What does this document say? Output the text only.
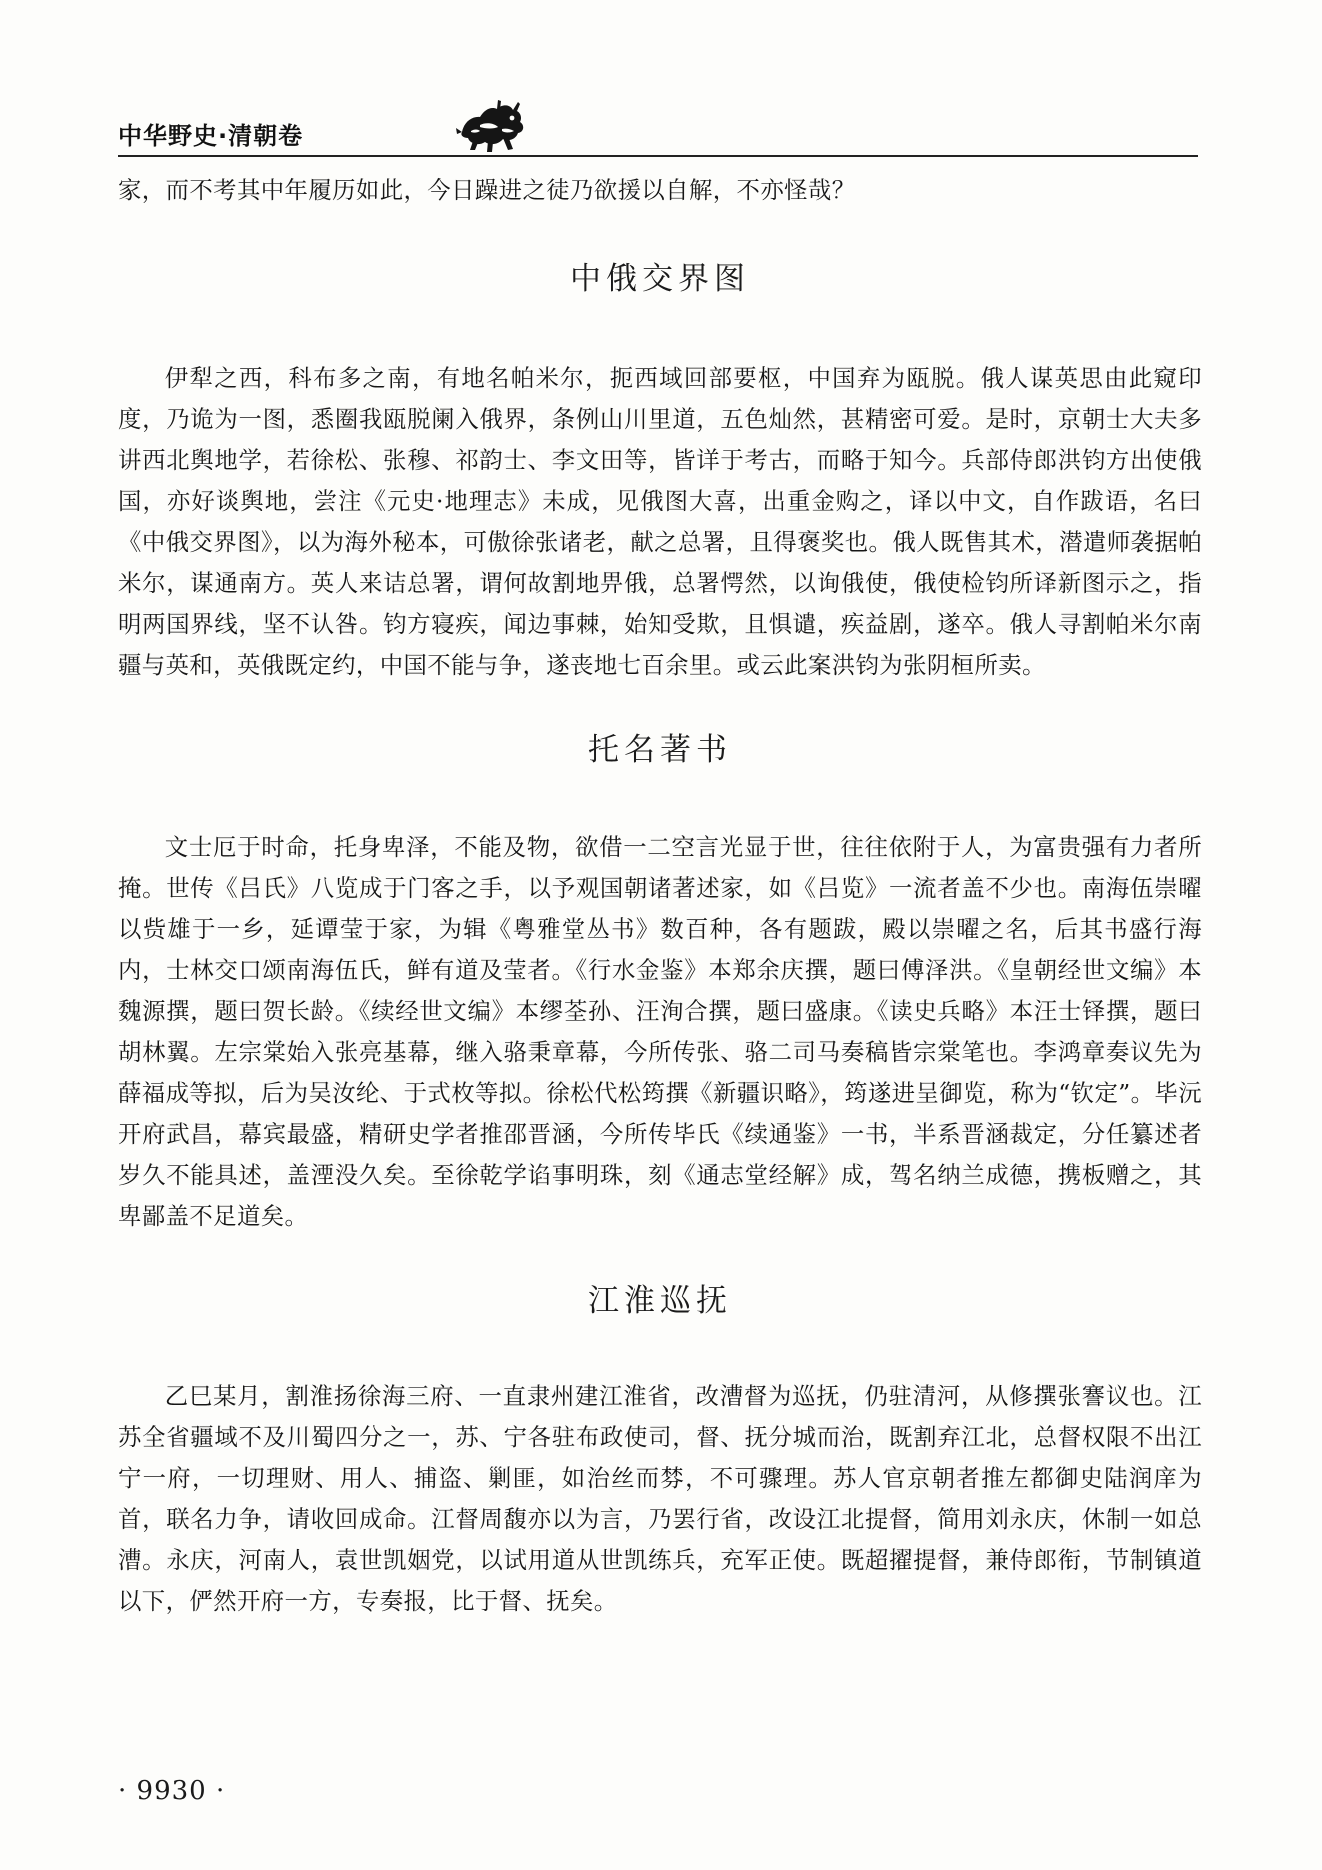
中华野史·清朝卷

家，而不考其中年履历如此，今日躁进之徒乃欲援以自解，不亦怪哉？

中俄交界图

伊犁之西，科布多之南，有地名帕米尔，扼西域回部要枢，中国弃为瓯脱。俄人谋英思由此窥印度，乃诡为一图，悉圈我瓯脱阑入俄界，条例山川里道，五色灿然，甚精密可爱。是时，京朝士大夫多讲西北舆地学，若徐松、张穆、祁韵士、李文田等，皆详于考古，而略于知今。兵部侍郎洪钧方出使俄国，亦好谈舆地，尝注《元史·地理志》未成，见俄图大喜，出重金购之，译以中文，自作跋语，名曰《中俄交界图》，以为海外秘本，可傲徐张诸老，献之总署，且得褒奖也。俄人既售其术，潜遣师袭据帕米尔，谋通南方。英人来诘总署，谓何故割地畀俄，总署愕然，以询俄使，俄使检钧所译新图示之，指明两国界线，坚不认咎。钧方寝疾，闻边事棘，始知受欺，且惧谴，疾益剧，遂卒。俄人寻割帕米尔南疆与英和，英俄既定约，中国不能与争，遂丧地七百余里。或云此案洪钧为张阴桓所卖。

托名著书

文士厄于时命，托身卑泽，不能及物，欲借一二空言光显于世，往往依附于人，为富贵强有力者所掩。世传《吕氏》八览成于门客之手，以予观国朝诸著述家，如《吕览》一流者盖不少也。南海伍崇曜以赀雄于一乡，延谭莹于家，为辑《粤雅堂丛书》数百种，各有题跋，殿以崇曜之名，后其书盛行海内，士林交口颂南海伍氏，鲜有道及莹者。《行水金鉴》本郑余庆撰，题曰傅泽洪。《皇朝经世文编》本魏源撰，题曰贺长龄。《续经世文编》本缪荃孙、汪洵合撰，题曰盛康。《读史兵略》本汪士铎撰，题曰胡林翼。左宗棠始入张亮基幕，继入骆秉章幕，今所传张、骆二司马奏稿皆宗棠笔也。李鸿章奏议先为薛福成等拟，后为吴汝纶、于式枚等拟。徐松代松筠撰《新疆识略》，筠遂进呈御览，称为“钦定”。毕沅开府武昌，幕宾最盛，精研史学者推邵晋涵，今所传毕氏《续通鉴》一书，半系晋涵裁定，分任纂述者岁久不能具述，盖湮没久矣。至徐乾学谄事明珠，刻《通志堂经解》成，驾名纳兰成德，携板赠之，其卑鄙盖不足道矣。

江淮巡抚

乙巳某月，割淮扬徐海三府、一直隶州建江淮省，改漕督为巡抚，仍驻清河，从修撰张謇议也。江苏全省疆域不及川蜀四分之一，苏、宁各驻布政使司，督、抚分城而治，既割弃江北，总督权限不出江宁一府，一切理财、用人、捕盗、剿匪，如治丝而棼，不可骤理。苏人官京朝者推左都御史陆润庠为首，联名力争，请收回成命。江督周馥亦以为言，乃罢行省，改设江北提督，简用刘永庆，休制一如总漕。永庆，河南人，袁世凯姻党，以试用道从世凯练兵，充军正使。既超擢提督，兼侍郎衔，节制镇道以下，俨然开府一方，专奏报，比于督、抚矣。

· 9930 ·
